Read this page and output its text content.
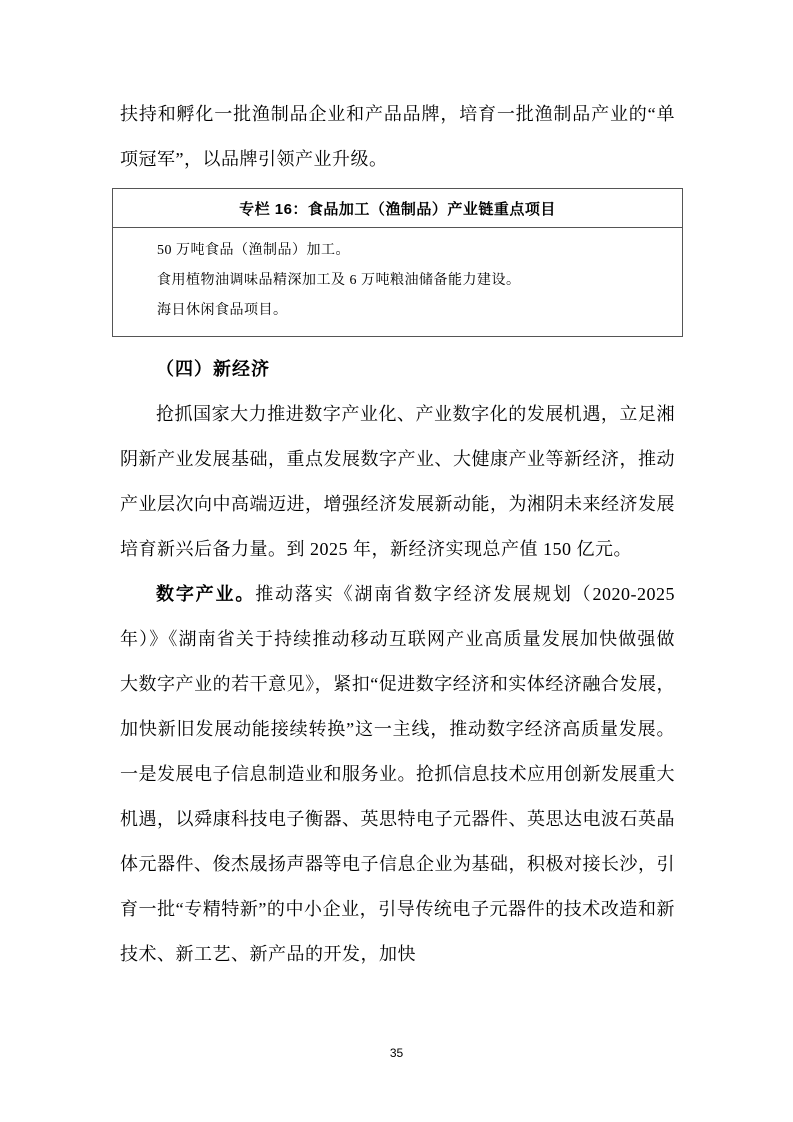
扶持和孵化一批渔制品企业和产品品牌，培育一批渔制品产业的“单项冠军”，以品牌引领产业升级。

专栏 16：食品加工（渔制品）产业链重点项目
50 万吨食品（渔制品）加工。
食用植物油调味品精深加工及 6 万吨粮油储备能力建设。
海日休闲食品项目。

（四）新经济

抢抓国家大力推进数字产业化、产业数字化的发展机遇，立足湘阴新产业发展基础，重点发展数字产业、大健康产业等新经济，推动产业层次向中高端迈进，增强经济发展新动能，为湘阴未来经济发展培育新兴后备力量。到 2025 年，新经济实现总产值 150 亿元。

数字产业。推动落实《湖南省数字经济发展规划（2020-2025 年）》《湖南省关于持续推动移动互联网产业高质量发展加快做强做大数字产业的若干意见》，紧扣“促进数字经济和实体经济融合发展，加快新旧发展动能接续转换”这一主线，推动数字经济高质量发展。一是发展电子信息制造业和服务业。抢抓信息技术应用创新发展重大机遇，以舜康科技电子衡器、英思特电子元器件、英思达电波石英晶体元器件、俊杰晟扬声器等电子信息企业为基础，积极对接长沙，引育一批“专精特新”的中小企业，引导传统电子元器件的技术改造和新技术、新工艺、新产品的开发，加快

35
